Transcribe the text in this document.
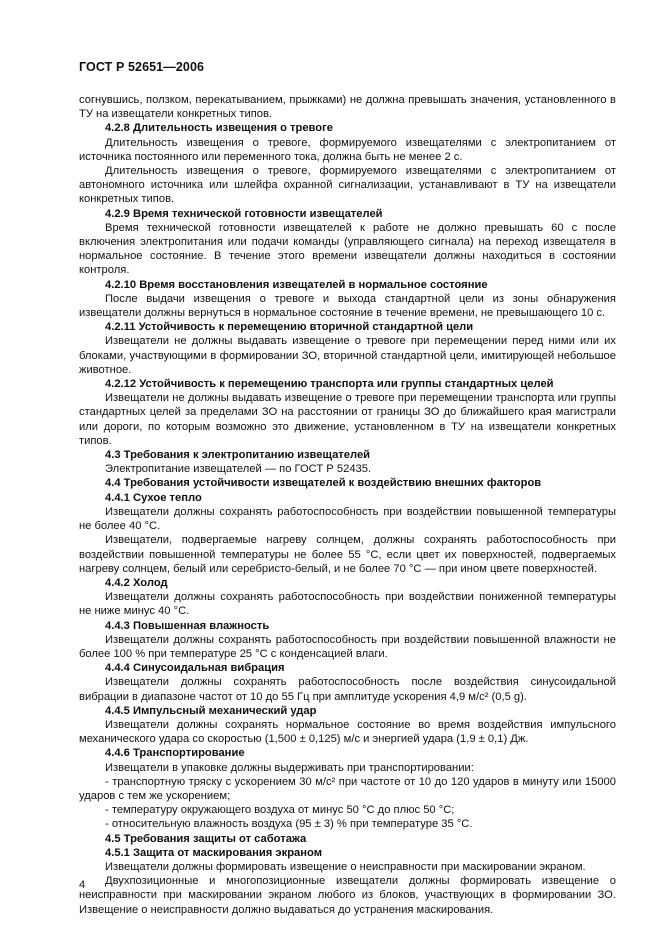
ГОСТ Р 52651—2006
согнувшись, ползком, перекатыванием, прыжками) не должна превышать значения, установленного в ТУ на извещатели конкретных типов.
4.2.8 Длительность извещения о тревоге
Длительность извещения о тревоге, формируемого извещателями с электропитанием от источника постоянного или переменного тока, должна быть не менее 2 с.
Длительность извещения о тревоге, формируемого извещателями с электропитанием от автономного источника или шлейфа охранной сигнализации, устанавливают в ТУ на извещатели конкретных типов.
4.2.9 Время технической готовности извещателей
Время технической готовности извещателей к работе не должно превышать 60 с после включения электропитания или подачи команды (управляющего сигнала) на переход извещателя в нормальное состояние. В течение этого времени извещатели должны находиться в состоянии контроля.
4.2.10 Время восстановления извещателей в нормальное состояние
После выдачи извещения о тревоге и выхода стандартной цели из зоны обнаружения извещатели должны вернуться в нормальное состояние в течение времени, не превышающего 10 с.
4.2.11 Устойчивость к перемещению вторичной стандартной цели
Извещатели не должны выдавать извещение о тревоге при перемещении перед ними или их блоками, участвующими в формировании ЗО, вторичной стандартной цели, имитирующей небольшое животное.
4.2.12 Устойчивость к перемещению транспорта или группы стандартных целей
Извещатели не должны выдавать извещение о тревоге при перемещении транспорта или группы стандартных целей за пределами ЗО на расстоянии от границы ЗО до ближайшего края магистрали или дороги, по которым возможно это движение, установленном в ТУ на извещатели конкретных типов.
4.3 Требования к электропитанию извещателей
Электропитание извещателей — по ГОСТ Р 52435.
4.4 Требования устойчивости извещателей к воздействию внешних факторов
4.4.1 Сухое тепло
Извещатели должны сохранять работоспособность при воздействии повышенной температуры не более 40 °С.
Извещатели, подвергаемые нагреву солнцем, должны сохранять работоспособность при воздействии повышенной температуры не более 55 °С, если цвет их поверхностей, подвергаемых нагреву солнцем, белый или серебристо-белый, и не более 70 °С — при ином цвете поверхностей.
4.4.2 Холод
Извещатели должны сохранять работоспособность при воздействии пониженной температуры не ниже минус 40 °С.
4.4.3 Повышенная влажность
Извещатели должны сохранять работоспособность при воздействии повышенной влажности не более 100 % при температуре 25 °С с конденсацией влаги.
4.4.4 Синусоидальная вибрация
Извещатели должны сохранять работоспособность после воздействия синусоидальной вибрации в диапазоне частот от 10 до 55 Гц при амплитуде ускорения 4,9 м/с² (0,5 g).
4.4.5 Импульсный механический удар
Извещатели должны сохранять нормальное состояние во время воздействия импульсного механического удара со скоростью (1,500 ± 0,125) м/с и энергией удара (1,9 ± 0,1) Дж.
4.4.6 Транспортирование
Извещатели в упаковке должны выдерживать при транспортировании:
- транспортную тряску с ускорением 30 м/с² при частоте от 10 до 120 ударов в минуту или 15000 ударов с тем же ускорением;
- температуру окружающего воздуха от минус 50 °С до плюс 50 °С;
- относительную влажность воздуха (95 ± 3) % при температуре 35 °С.
4.5 Требования защиты от саботажа
4.5.1 Защита от маскирования экраном
Извещатели должны формировать извещение о неисправности при маскировании экраном.
Двухпозиционные и многопозиционные извещатели должны формировать извещение о неисправности при маскировании экраном любого из блоков, участвующих в формировании ЗО. Извещение о неисправности должно выдаваться до устранения маскирования.
4
